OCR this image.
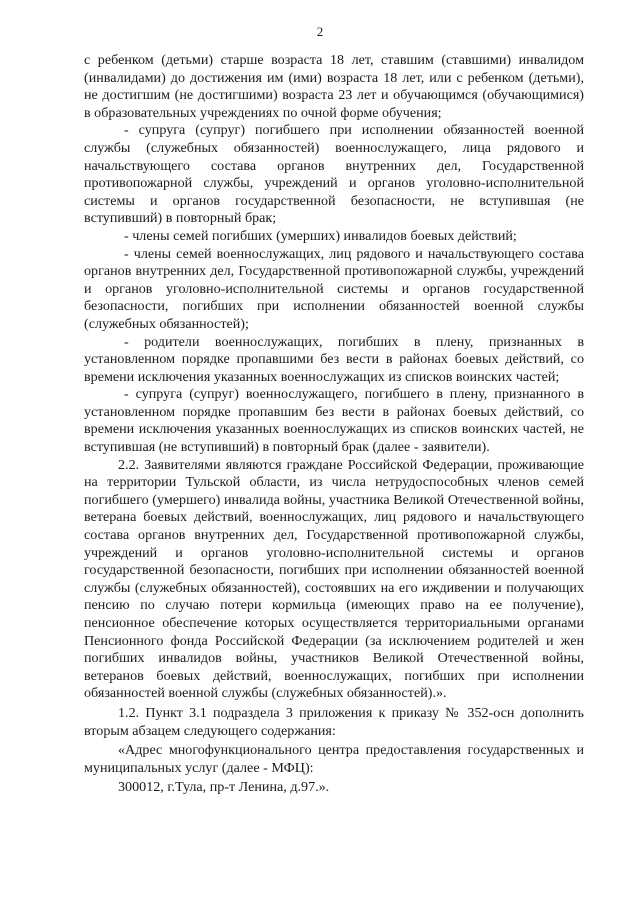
2

с ребенком (детьми) старше возраста 18 лет, ставшим (ставшими) инвалидом (инвалидами) до достижения им (ими) возраста 18 лет, или с ребенком (детьми), не достигшим (не достигшими) возраста 23 лет и обучающимся (обучающимися) в образовательных учреждениях по очной форме обучения;

- супруга (супруг) погибшего при исполнении обязанностей военной службы (служебных обязанностей) военнослужащего, лица рядового и начальствующего состава органов внутренних дел, Государственной противопожарной службы, учреждений и органов уголовно-исполнительной системы и органов государственной безопасности, не вступившая (не вступивший) в повторный брак;

- члены семей погибших (умерших) инвалидов боевых действий;

- члены семей военнослужащих, лиц рядового и начальствующего состава органов внутренних дел, Государственной противопожарной службы, учреждений и органов уголовно-исполнительной системы и органов государственной безопасности, погибших при исполнении обязанностей военной службы (служебных обязанностей);

- родители военнослужащих, погибших в плену, признанных в установленном порядке пропавшими без вести в районах боевых действий, со времени исключения указанных военнослужащих из списков воинских частей;

- супруга (супруг) военнослужащего, погибшего в плену, признанного в установленном порядке пропавшим без вести в районах боевых действий, со времени исключения указанных военнослужащих из списков воинских частей, не вступившая (не вступивший) в повторный брак (далее - заявители).

2.2. Заявителями являются граждане Российской Федерации, проживающие на территории Тульской области, из числа нетрудоспособных членов семей погибшего (умершего) инвалида войны, участника Великой Отечественной войны, ветерана боевых действий, военнослужащих, лиц рядового и начальствующего состава органов внутренних дел, Государственной противопожарной службы, учреждений и органов уголовно-исполнительной системы и органов государственной безопасности, погибших при исполнении обязанностей военной службы (служебных обязанностей), состоявших на его иждивении и получающих пенсию по случаю потери кормильца (имеющих право на ее получение), пенсионное обеспечение которых осуществляется территориальными органами Пенсионного фонда Российской Федерации (за исключением родителей и жен погибших инвалидов войны, участников Великой Отечественной войны, ветеранов боевых действий, военнослужащих, погибших при исполнении обязанностей военной службы (служебных обязанностей).».

1.2. Пункт 3.1 подраздела 3 приложения к приказу № 352-осн дополнить вторым абзацем следующего содержания:

«Адрес многофункционального центра предоставления государственных и муниципальных услуг (далее - МФЦ):

300012, г.Тула, пр-т Ленина, д.97.».
